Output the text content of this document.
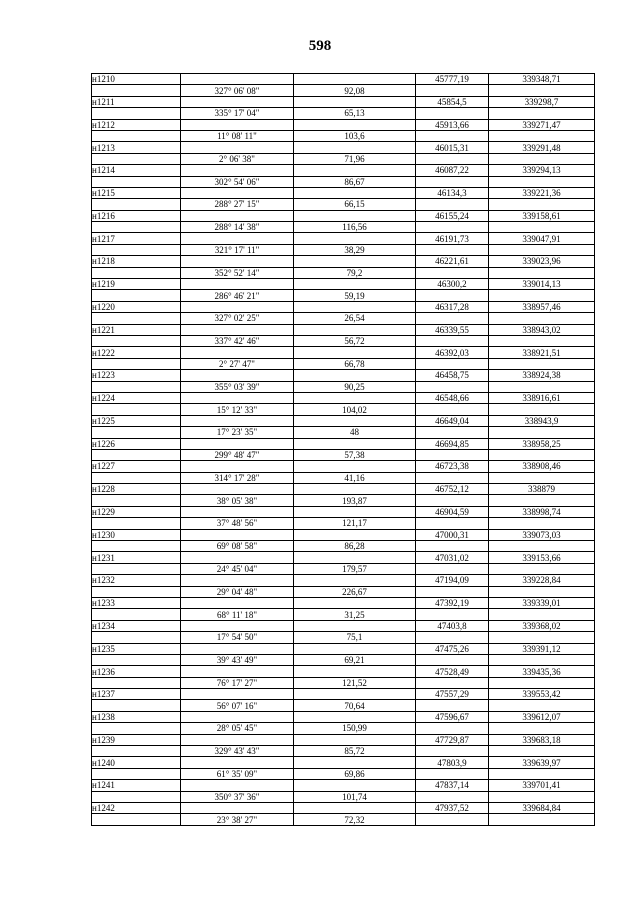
598
н1210			45777,19	339348,71
	327° 06' 08"	92,08		
н1211			45854,5	339298,7
	335° 17' 04"	65,13		
н1212			45913,66	339271,47
	11° 08' 11"	103,6		
н1213			46015,31	339291,48
	2° 06' 38"	71,96		
н1214			46087,22	339294,13
	302° 54' 06"	86,67		
н1215			46134,3	339221,36
	288° 27' 15"	66,15		
н1216			46155,24	339158,61
	288° 14' 38"	116,56		
н1217			46191,73	339047,91
	321° 17' 11"	38,29		
н1218			46221,61	339023,96
	352° 52' 14"	79,2		
н1219			46300,2	339014,13
	286° 46' 21"	59,19		
н1220			46317,28	338957,46
	327° 02' 25"	26,54		
н1221			46339,55	338943,02
	337° 42' 46"	56,72		
н1222			46392,03	338921,51
	2° 27' 47"	66,78		
н1223			46458,75	338924,38
	355° 03' 39"	90,25		
н1224			46548,66	338916,61
	15° 12' 33"	104,02		
н1225			46649,04	338943,9
	17° 23' 35"	48		
н1226			46694,85	338958,25
	299° 48' 47"	57,38		
н1227			46723,38	338908,46
	314° 17' 28"	41,16		
н1228			46752,12	338879
	38° 05' 38"	193,87		
н1229			46904,59	338998,74
	37° 48' 56"	121,17		
н1230			47000,31	339073,03
	69° 08' 58"	86,28		
н1231			47031,02	339153,66
	24° 45' 04"	179,57		
н1232			47194,09	339228,84
	29° 04' 48"	226,67		
н1233			47392,19	339339,01
	68° 11' 18"	31,25		
н1234			47403,8	339368,02
	17° 54' 50"	75,1		
н1235			47475,26	339391,12
	39° 43' 49"	69,21		
н1236			47528,49	339435,36
	76° 17' 27"	121,52		
н1237			47557,29	339553,42
	56° 07' 16"	70,64		
н1238			47596,67	339612,07
	28° 05' 45"	150,99		
н1239			47729,87	339683,18
	329° 43' 43"	85,72		
н1240			47803,9	339639,97
	61° 35' 09"	69,86		
н1241			47837,14	339701,41
	350° 37' 36"	101,74		
н1242			47937,52	339684,84
	23° 38' 27"	72,32		
